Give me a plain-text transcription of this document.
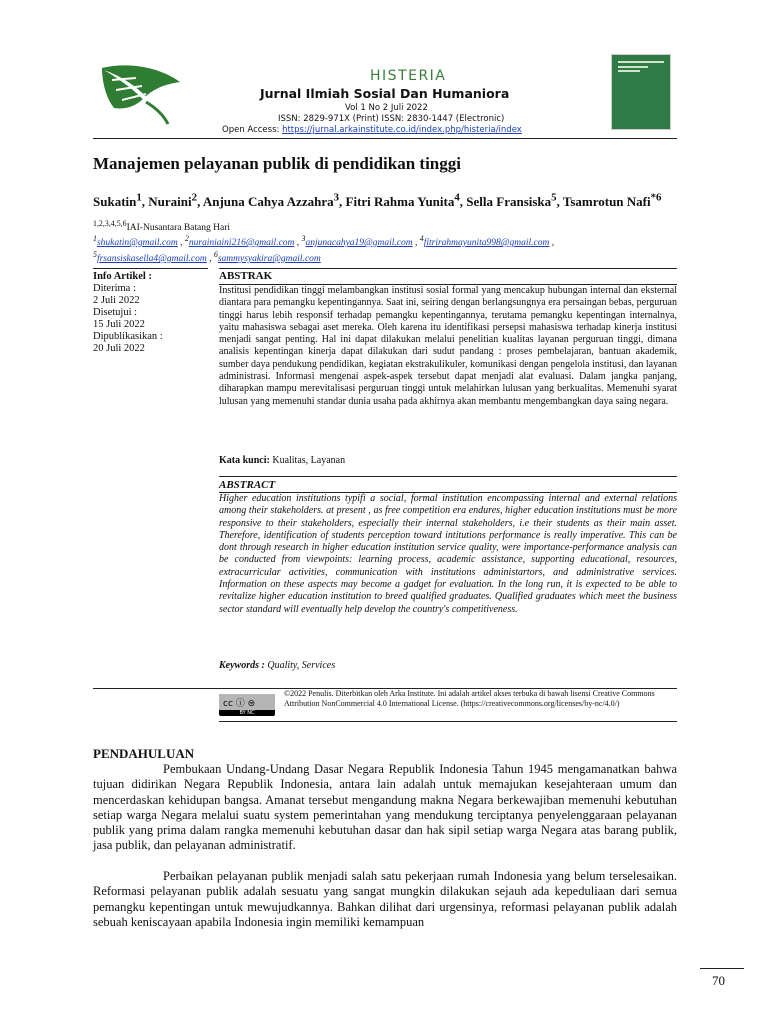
HISTERIA
Jurnal Ilmiah Sosial Dan Humaniora
Vol 1 No 2 Juli 2022
ISSN: 2829-971X (Print) ISSN: 2830-1447 (Electronic)
Open Access: https://jurnal.arkainstitute.co.id/index.php/histeria/index
Manajemen pelayanan publik di pendidikan tinggi
Sukatin$^1$, Nuraini$^2$, Anjuna Cahya Azzahra$^3$, Fitri Rahma Yunita$^4$, Sella Fransiska$^5$, Tsamrotun Nafi$^{*6}$
$^{1,2,3,4,5,6}$IAI-Nusantara Batang Hari
$^1$shukatin@gmail.com , $^2$nurainiaini216@gmail.com , $^3$anjunacahya19@gmail.com , $^4$fitrirahmayunita998@gmail.com ,
$^5$frsansiskasella4@gmail.com , $^6$sammysyakira@gmail.com
Info Artikel :
Diterima :
2 Juli 2022
Disetujui :
15 Juli 2022
Dipublikasikan :
20 Juli 2022
ABSTRAK
Institusi pendidikan tinggi melambangkan institusi sosial formal yang mencakup hubungan internal dan eksternal diantara para pemangku kepentingannya. Saat ini, seiring dengan berlangsungnya era persaingan bebas, perguruan tinggi harus lebih responsif terhadap pemangku kepentingannya, terutama pemangku kepentingan internalnya, yaitu mahasiswa sebagai aset mereka. Oleh karena itu identifikasi persepsi mahasiswa terhadap kinerja institusi menjadi sangat penting. Hal ini dapat dilakukan melalui penelitian kualitas layanan perguruan tinggi, dimana analisis kepentingan kinerja dapat dilakukan dari sudut pandang : proses pembelajaran, bantuan akademik, sumber daya pendukung pendidikan, kegiatan ekstrakulikuler, komunikasi dengan pengelola institusi, dan layanan administrasi. Informasi mengenai aspek-aspek tersebut dapat menjadi alat evaluasi. Dalam jangka panjang, diharapkan mampu merevitalisasi perguruan tinggi untuk melahirkan lulusan yang berkualitas. Memenuhi syarat lulusan yang memenuhi standar dunia usaha pada akhirnya akan membantu mengembangkan daya saing negara.
Kata kunci: Kualitas, Layanan
ABSTRACT
Higher education institutions typifi a social, formal institution encompassing internal and external relations among their stakeholders. at present , as free competition era endures, higher education institutions must be more responsive to their stakeholders, especially their internal stakeholders, i.e their students as their main asset. Therefore, identification of students perception toward intitutions performance is really imperative. This can be dont through research in higher education institution service quality, were importance-performance analysis can be conducted from viewpoints: learning process, academic assistance, supporting educational, resources, extracurricular activities, communication with institutions administartors, and administrative services. Information on these aspects may become a gadget for evaluation. In the long run, it is expected to be able to revitalize higher education institution to breed qualified graduates. Qualified graduates which meet the business sector standard will eventually help develop the country's competitiveness.
Keywords : Quality, Services
cc ⓘ ⊜
BY NC
©2022 Penulis. Diterbitkan oleh Arka Institute. Ini adalah artikel akses terbuka di bawah lisensi Creative Commons Attribution NonCommercial 4.0 International License. (https://creativecommons.org/licenses/by-nc/4.0/)
PENDAHULUAN
Pembukaan Undang-Undang Dasar Negara Republik Indonesia Tahun 1945 mengamanatkan bahwa tujuan didirikan Negara Republik Indonesia, antara lain adalah untuk memajukan kesejahteraan umum dan mencerdaskan kehidupan bangsa. Amanat tersebut mengandung makna Negara berkewajiban memenuhi kebutuhan setiap warga Negara melalui suatu system pemerintahan yang mendukung terciptanya penyelenggaraan pelayanan publik yang prima dalam rangka memenuhi kebutuhan dasar dan hak sipil setiap warga Negara atas barang publik, jasa publik, dan pelayanan administratif.
Perbaikan pelayanan publik menjadi salah satu pekerjaan rumah Indonesia yang belum terselesaikan. Reformasi pelayanan publik adalah sesuatu yang sangat mungkin dilakukan sejauh ada kepeduliaan dari semua pemangku kepentingan untuk mewujudkannya. Bahkan dilihat dari urgensinya, reformasi pelayanan publik adalah sebuah keniscayaan apabila Indonesia ingin memiliki kemampuan
70
